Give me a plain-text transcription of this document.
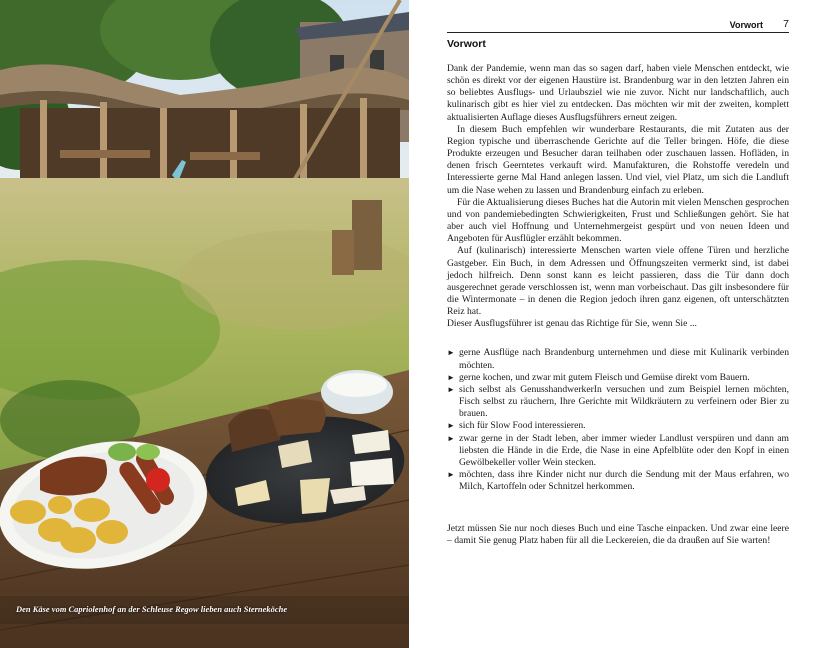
Den Käse vom Capriolenhof an der Schleuse Regow lieben auch Sterneköche
Vorwort 7
Vorwort

Dank der Pandemie, wenn man das so sagen darf, haben viele Menschen entdeckt, wie schön es direkt vor der eigenen Haustüre ist. Brandenburg war in den letzten Jahren ein so beliebtes Ausflugs- und Urlaubsziel wie nie zuvor. Nicht nur landschaftlich, auch kulinarisch gibt es hier viel zu entdecken. Das möchten wir mit der zweiten, komplett aktualisierten Auflage dieses Ausflugsführers erneut zeigen.

In diesem Buch empfehlen wir wunderbare Restaurants, die mit Zutaten aus der Region typische und überraschende Gerichte auf die Teller bringen. Höfe, die diese Produkte erzeugen und Besucher daran teilhaben oder zuschauen lassen. Hofläden, in denen frisch Geerntetes verkauft wird. Manufakturen, die Rohstoffe veredeln und Interessierte gerne Mal Hand anlegen lassen. Und viel, viel Platz, um sich die Landluft um die Nase wehen zu lassen und Brandenburg einfach zu erleben.

Für die Aktualisierung dieses Buches hat die Autorin mit vielen Menschen gesprochen und von pandemiebedingten Schwierigkeiten, Frust und Schließungen gehört. Sie hat aber auch viel Hoffnung und Unternehmergeist gespürt und von neuen Ideen und Angeboten für Ausflügler erzählt bekommen.

Auf (kulinarisch) interessierte Menschen warten viele offene Türen und herzliche Gastgeber. Ein Buch, in dem Adressen und Öffnungszeiten vermerkt sind, ist dabei jedoch hilfreich. Denn sonst kann es leicht passieren, dass die Tür dann doch ausgerechnet gerade verschlossen ist, wenn man vorbeischaut. Das gilt insbesondere für die Wintermonate – in denen die Region jedoch ihren ganz eigenen, oft unterschätzten Reiz hat.

Dieser Ausflugsführer ist genau das Richtige für Sie, wenn Sie ...

► gerne Ausflüge nach Brandenburg unternehmen und diese mit Kulinarik verbinden möchten.
► gerne kochen, und zwar mit gutem Fleisch und Gemüse direkt vom Bauern.
► sich selbst als GenusshandwerkerIn versuchen und zum Beispiel lernen möchten, Fisch selbst zu räuchern, Ihre Gerichte mit Wildkräutern zu verfeinern oder Bier zu brauen.
► sich für Slow Food interessieren.
► zwar gerne in der Stadt leben, aber immer wieder Landlust verspüren und dann am liebsten die Hände in die Erde, die Nase in eine Apfelblüte oder den Kopf in einen Gewölbekeller voller Wein stecken.
► möchten, dass ihre Kinder nicht nur durch die Sendung mit der Maus erfahren, wo Milch, Kartoffeln oder Schnitzel herkommen.

Jetzt müssen Sie nur noch dieses Buch und eine Tasche einpacken. Und zwar eine leere – damit Sie genug Platz haben für all die Leckereien, die da draußen auf Sie warten!
